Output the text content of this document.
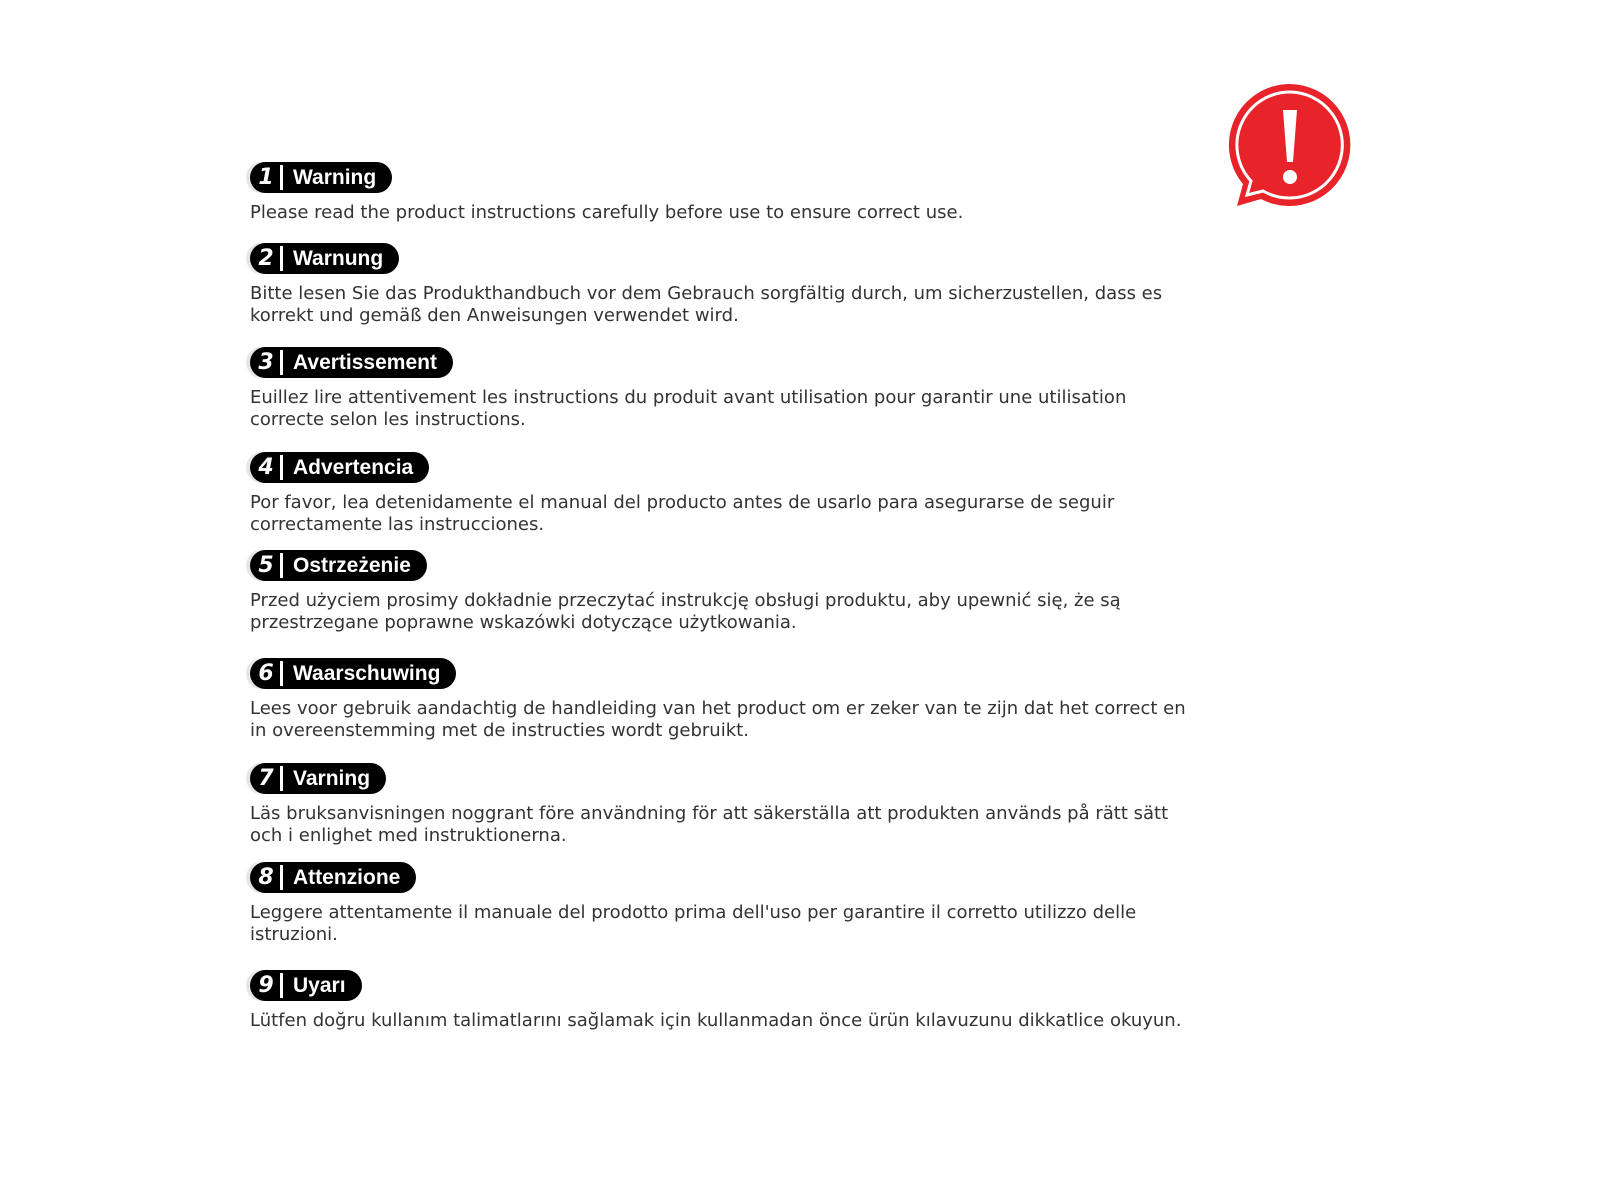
1 Warning

Please read the product instructions carefully before use to ensure correct use.

2 Warnung

Bitte lesen Sie das Produkthandbuch vor dem Gebrauch sorgfältig durch, um sicherzustellen, dass es korrekt und gemäß den Anweisungen verwendet wird.

3 Avertissement

Euillez lire attentivement les instructions du produit avant utilisation pour garantir une utilisation correcte selon les instructions.

4 Advertencia

Por favor, lea detenidamente el manual del producto antes de usarlo para asegurarse de seguir correctamente las instrucciones.

5 Ostrzeżenie

Przed użyciem prosimy dokładnie przeczytać instrukcję obsługi produktu, aby upewnić się, że są przestrzegane poprawne wskazówki dotyczące użytkowania.

6 Waarschuwing

Lees voor gebruik aandachtig de handleiding van het product om er zeker van te zijn dat het correct en in overeenstemming met de instructies wordt gebruikt.

7 Varning

Läs bruksanvisningen noggrant före användning för att säkerställa att produkten används på rätt sätt och i enlighet med instruktionerna.

8 Attenzione

Leggere attentamente il manuale del prodotto prima dell'uso per garantire il corretto utilizzo delle istruzioni.

9 Uyarı

Lütfen doğru kullanım talimatlarını sağlamak için kullanmadan önce ürün kılavuzunu dikkatlice okuyun.
